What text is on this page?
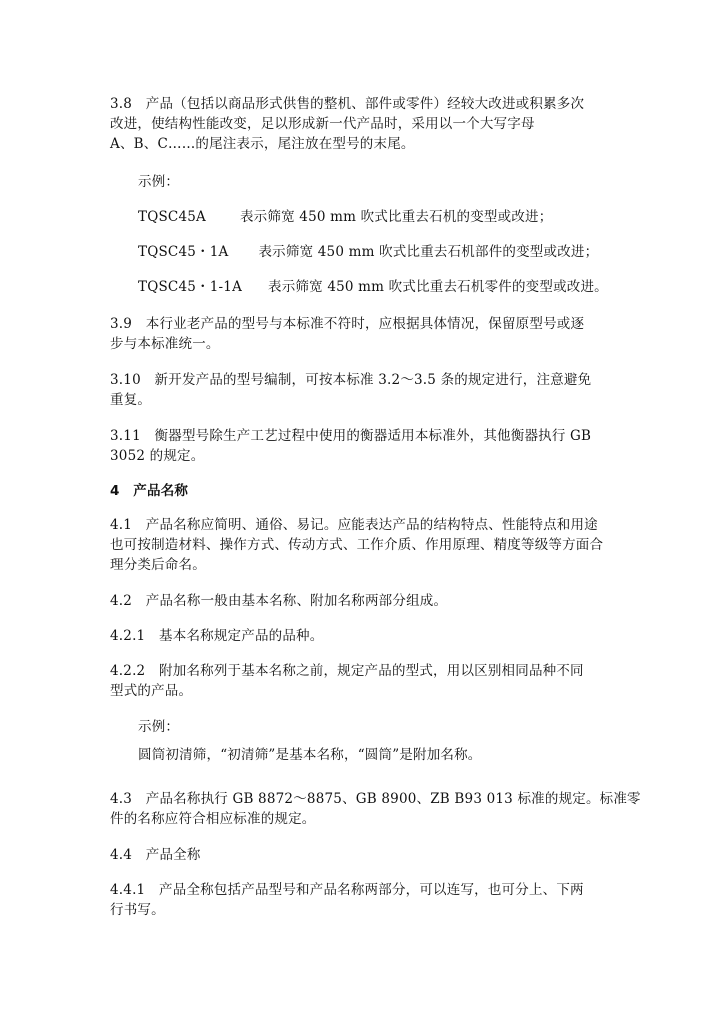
3.8　产品（包括以商品形式供售的整机、部件或零件）经较大改进或积累多次
改进，使结构性能改变，足以形成新一代产品时，采用以一个大写字母
A、B、C……的尾注表示，尾注放在型号的末尾。
示例：
TQSC45A	表示筛宽 450 mm 吹式比重去石机的变型或改进；
TQSC45・1A 表示筛宽 450 mm 吹式比重去石机部件的变型或改进；
TQSC45・1-1A 表示筛宽 450 mm 吹式比重去石机零件的变型或改进。
3.9　本行业老产品的型号与本标准不符时，应根据具体情况，保留原型号或逐
步与本标准统一。
3.10　新开发产品的型号编制，可按本标准 3.2～3.5 条的规定进行，注意避免
重复。
3.11　衡器型号除生产工艺过程中使用的衡器适用本标准外，其他衡器执行 GB
3052 的规定。
4　产品名称
4.1　产品名称应简明、通俗、易记。应能表达产品的结构特点、性能特点和用途
也可按制造材料、操作方式、传动方式、工作介质、作用原理、精度等级等方面合
理分类后命名。
4.2　产品名称一般由基本名称、附加名称两部分组成。
4.2.1　基本名称规定产品的品种。
4.2.2　附加名称列于基本名称之前，规定产品的型式，用以区别相同品种不同
型式的产品。
示例：
圆筒初清筛，“初清筛”是基本名称，“圆筒”是附加名称。
4.3　产品名称执行 GB 8872～8875、GB 8900、ZB B93 013 标准的规定。标准零
件的名称应符合相应标准的规定。
4.4　产品全称
4.4.1　产品全称包括产品型号和产品名称两部分，可以连写，也可分上、下两
行书写。
